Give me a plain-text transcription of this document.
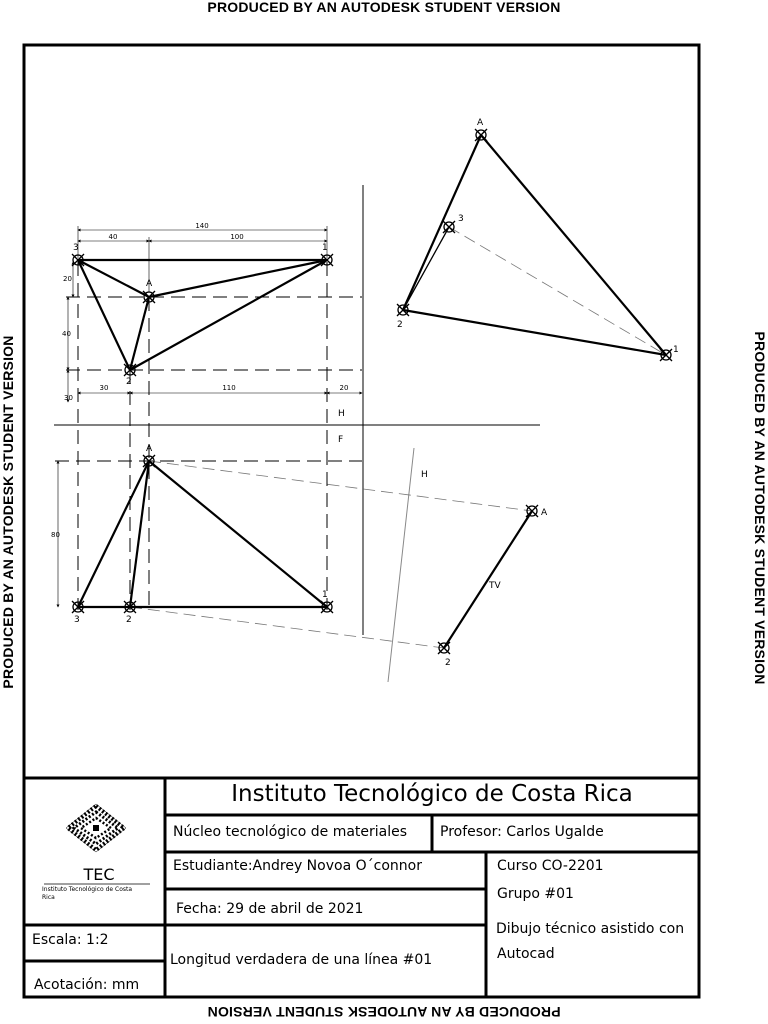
PRODUCED BY AN AUTODESK STUDENT VERSION
PRODUCED BY AN AUTODESK STUDENT VERSION
PRODUCED BY AN AUTODESK STUDENT VERSION	PRODUCED BY AN AUTODESK STUDENT VERSION
140
40	100
20
40
30
30	110	20
80
3
A
1
2
A
1
3	2
H
F
H
A
2
TV
A
3
2
1
TEC
Instituto Tecnológico de Costa
Rica
Instituto Tecnológico de Costa Rica
Núcleo tecnológico de materiales Profesor: Carlos Ugalde
Estudiante:Andrey Novoa O´connor	Curso CO-2201
Grupo #01
Fecha: 29 de abril de 2021
Dibujo técnico asistido con
Autocad
Escala: 1:2
Acotación: mm
Longitud verdadera de una línea #01
